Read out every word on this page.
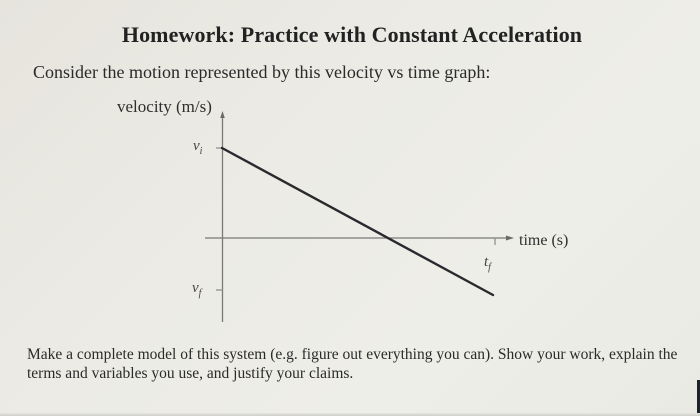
Homework: Practice with Constant Acceleration
Consider the motion represented by this velocity vs time graph:
velocity (m/s)
time (s)
$v_i$
$v_f$
$t_f$
Make a complete model of this system (e.g. figure out everything you can). Show your work, explain the terms and variables you use, and justify your claims.
